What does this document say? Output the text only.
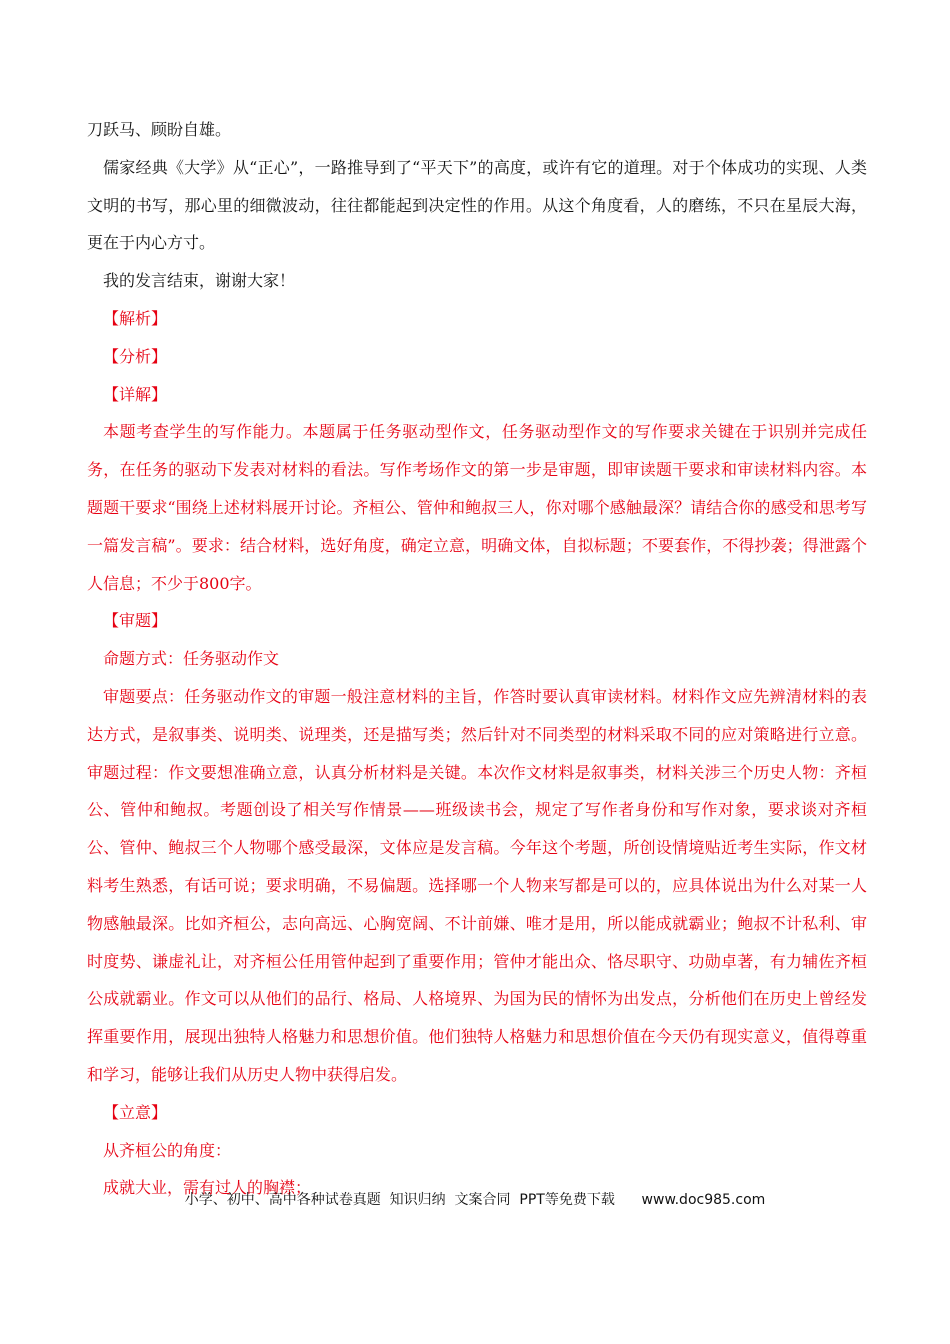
刀跃马、顾盼自雄。

儒家经典《大学》从“正心”，一路推导到了“平天下”的高度，或许有它的道理。对于个体成功的实现、人类文明的书写，那心里的细微波动，往往都能起到决定性的作用。从这个角度看，人的磨练，不只在星辰大海，更在于内心方寸。

我的发言结束，谢谢大家！

【解析】

【分析】

【详解】

本题考查学生的写作能力。本题属于任务驱动型作文，任务驱动型作文的写作要求关键在于识别并完成任务，在任务的驱动下发表对材料的看法。写作考场作文的第一步是审题，即审读题干要求和审读材料内容。本题题干要求“围绕上述材料展开讨论。齐桓公、管仲和鲍叔三人，你对哪个感触最深？请结合你的感受和思考写一篇发言稿”。要求：结合材料，选好角度，确定立意，明确文体，自拟标题；不要套作，不得抄袭；得泄露个人信息；不少于800字。

【审题】

命题方式：任务驱动作文

审题要点：任务驱动作文的审题一般注意材料的主旨，作答时要认真审读材料。材料作文应先辨清材料的表达方式，是叙事类、说明类、说理类，还是描写类；然后针对不同类型的材料采取不同的应对策略进行立意。审题过程：作文要想准确立意，认真分析材料是关键。本次作文材料是叙事类，材料关涉三个历史人物：齐桓公、管仲和鲍叔。考题创设了相关写作情景——班级读书会，规定了写作者身份和写作对象，要求谈对齐桓公、管仲、鲍叔三个人物哪个感受最深，文体应是发言稿。今年这个考题，所创设情境贴近考生实际，作文材料考生熟悉，有话可说；要求明确，不易偏题。选择哪一个人物来写都是可以的，应具体说出为什么对某一人物感触最深。比如齐桓公，志向高远、心胸宽阔、不计前嫌、唯才是用，所以能成就霸业；鲍叔不计私利、审时度势、谦虚礼让，对齐桓公任用管仲起到了重要作用；管仲才能出众、恪尽职守、功勋卓著，有力辅佐齐桓公成就霸业。作文可以从他们的品行、格局、人格境界、为国为民的情怀为出发点，分析他们在历史上曾经发挥重要作用，展现出独特人格魅力和思想价值。他们独特人格魅力和思想价值在今天仍有现实意义，值得尊重和学习，能够让我们从历史人物中获得启发。

【立意】

从齐桓公的角度：

成就大业，需有过人的胸襟；

小学、初中、高中各种试卷真题  知识归纳  文案合同  PPT等免费下载      www.doc985.com
